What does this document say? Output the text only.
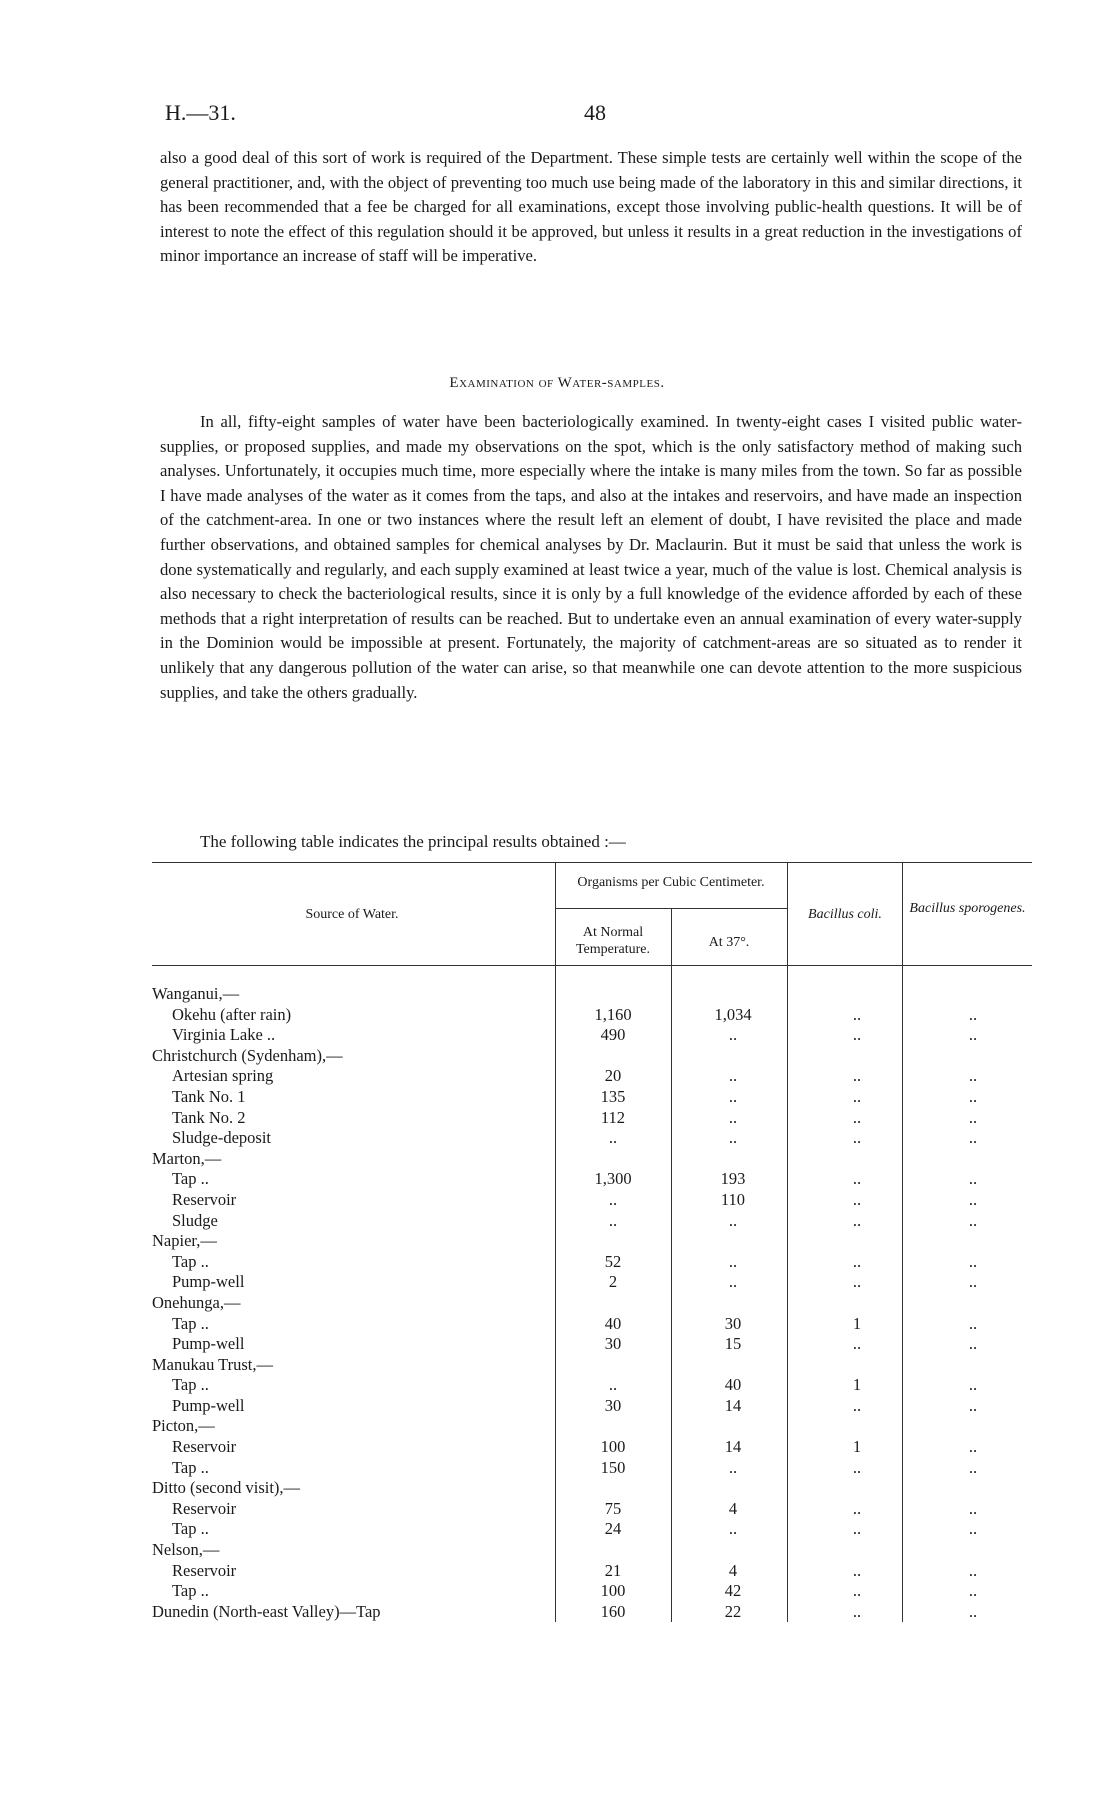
H.—31.	48

also a good deal of this sort of work is required of the Department. These simple tests are certainly well within the scope of the general practitioner, and, with the object of preventing too much use being made of the laboratory in this and similar directions, it has been recommended that a fee be charged for all examinations, except those involving public-health questions. It will be of interest to note the effect of this regulation should it be approved, but unless it results in a great reduction in the investigations of minor importance an increase of staff will be imperative.

Examination of Water-samples.

In all, fifty-eight samples of water have been bacteriologically examined. In twenty-eight cases I visited public water-supplies, or proposed supplies, and made my observations on the spot, which is the only satisfactory method of making such analyses. Unfortunately, it occupies much time, more especially where the intake is many miles from the town. So far as possible I have made analyses of the water as it comes from the taps, and also at the intakes and reservoirs, and have made an inspection of the catchment-area. In one or two instances where the result left an element of doubt, I have revisited the place and made further observations, and obtained samples for chemical analyses by Dr. Maclaurin. But it must be said that unless the work is done systematically and regularly, and each supply examined at least twice a year, much of the value is lost. Chemical analysis is also necessary to check the bacteriological results, since it is only by a full knowledge of the evidence afforded by each of these methods that a right interpretation of results can be reached. But to undertake even an annual examination of every water-supply in the Dominion would be impossible at present. Fortunately, the majority of catchment-areas are so situated as to render it unlikely that any dangerous pollution of the water can arise, so that meanwhile one can devote attention to the more suspicious supplies, and take the others gradually.

The following table indicates the principal results obtained :—
Source of Water.
Organisms per Cubic Centimeter.
At Normal Temperature.	At 37°.
Bacillus coli.	Bacillus sporogenes.
Wanganui,—
Okehu (after rain)	1,160	1,034	..	..
Virginia Lake ..	490	..	..	..
Christchurch (Sydenham),—
Artesian spring	20	..	..	..
Tank No. 1	135	..	..	..
Tank No. 2	112	..	..	..
Sludge-deposit	..	..	..	..
Marton,—
Tap ..	1,300	193	..	..
Reservoir	..	110	..	..
Sludge	..	..	..	..
Napier,—
Tap ..	52	..	..	..
Pump-well	2	..	..	..
Onehunga,—
Tap ..	40	30	1	..
Pump-well	30	15	..	..
Manukau Trust,—
Tap ..	..	40	1	..
Pump-well	30	14	..	..
Picton,—
Reservoir	100	14	1	..
Tap ..	150	..	..	..
Ditto (second visit),—
Reservoir	75	4	..	..
Tap ..	24	..	..	..
Nelson,—
Reservoir	21	4	..	..
Tap ..	100	42	..	..
Dunedin (North-east Valley)—Tap	160	22	..	..
